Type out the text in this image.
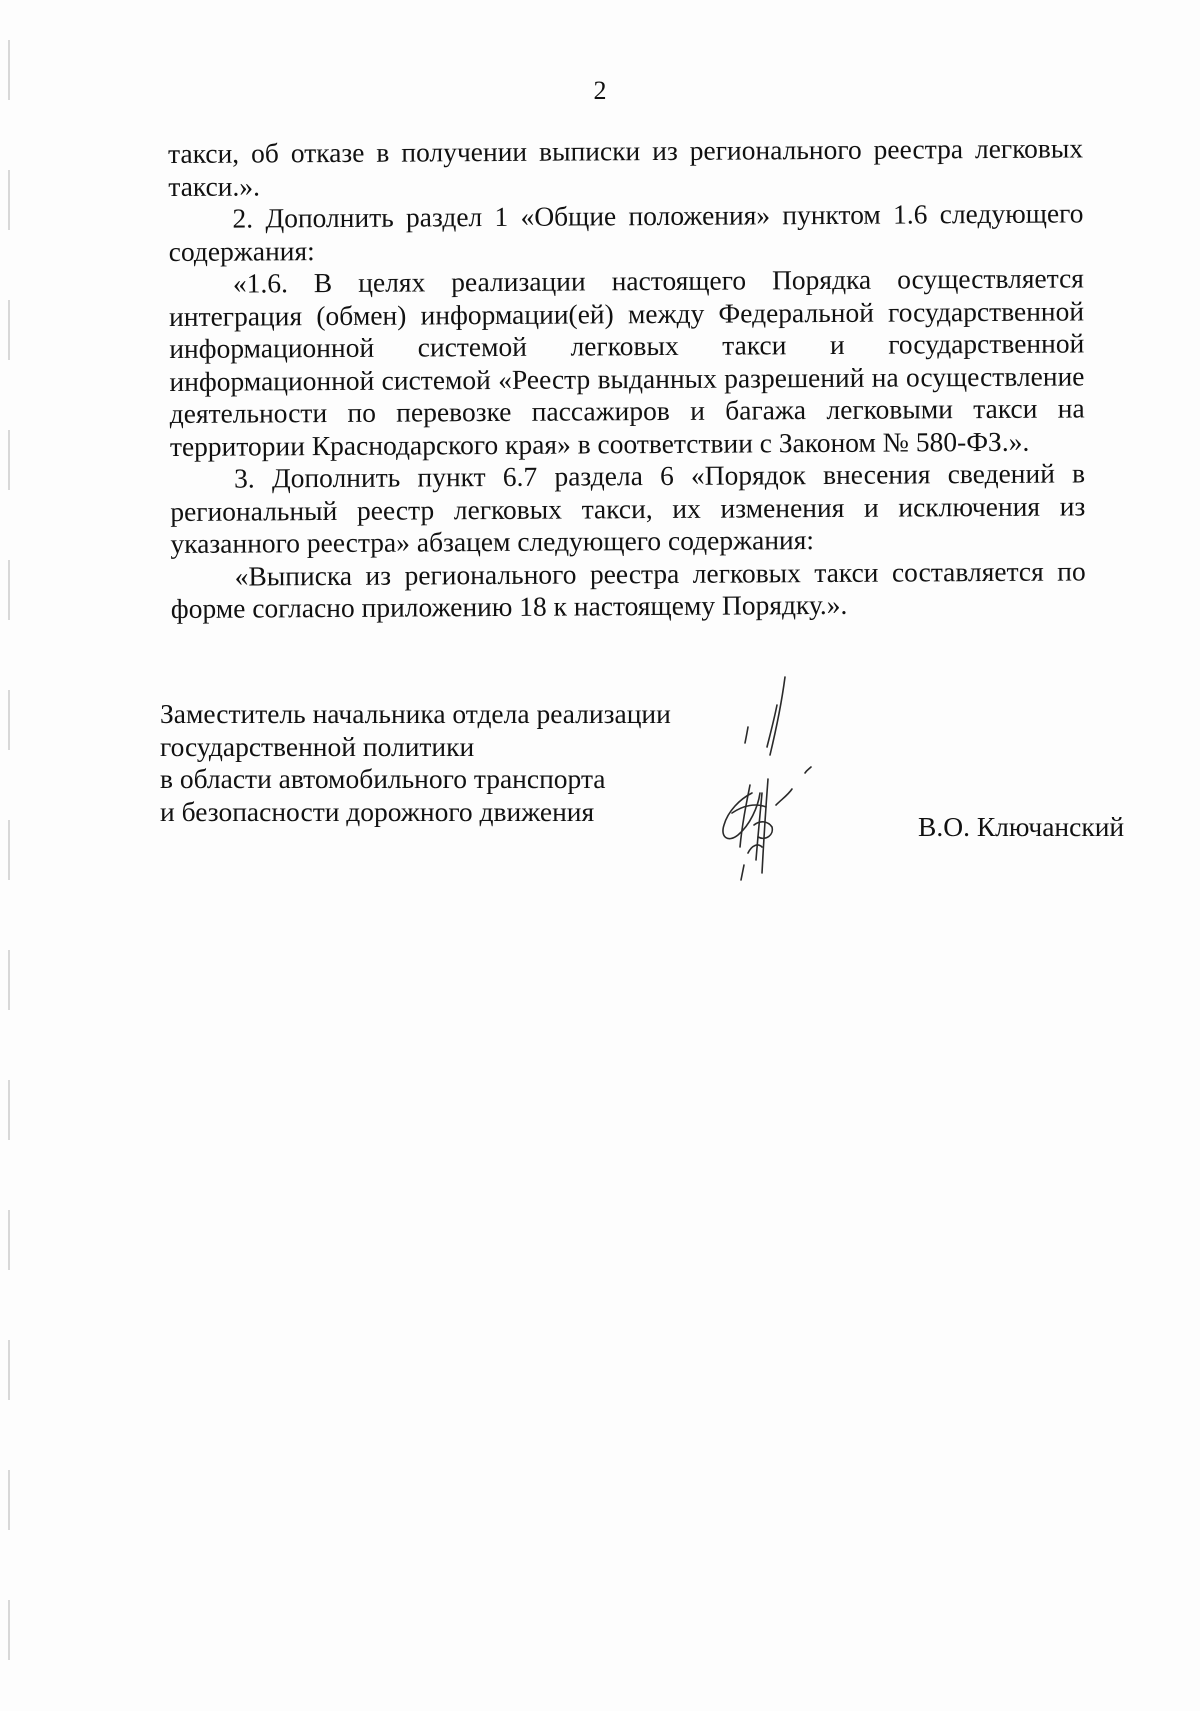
2

такси, об отказе в получении выписки из регионального реестра легковых такси.».

2. Дополнить раздел 1 «Общие положения» пунктом 1.6 следующего содержания:

«1.6. В целях реализации настоящего Порядка осуществляется интеграция (обмен) информации(ей) между Федеральной государственной информационной системой легковых такси и государственной информационной системой «Реестр выданных разрешений на осуществление деятельности по перевозке пассажиров и багажа легковыми такси на территории Краснодарского края» в соответствии с Законом № 580-ФЗ.».

3. Дополнить пункт 6.7 раздела 6 «Порядок внесения сведений в региональный реестр легковых такси, их изменения и исключения из указанного реестра» абзацем следующего содержания:

«Выписка из регионального реестра легковых такси составляется по форме согласно приложению 18 к настоящему Порядку.».

Заместитель начальника отдела реализации
государственной политики
в области автомобильного транспорта
и безопасности дорожного движения	В.О. Ключанский
